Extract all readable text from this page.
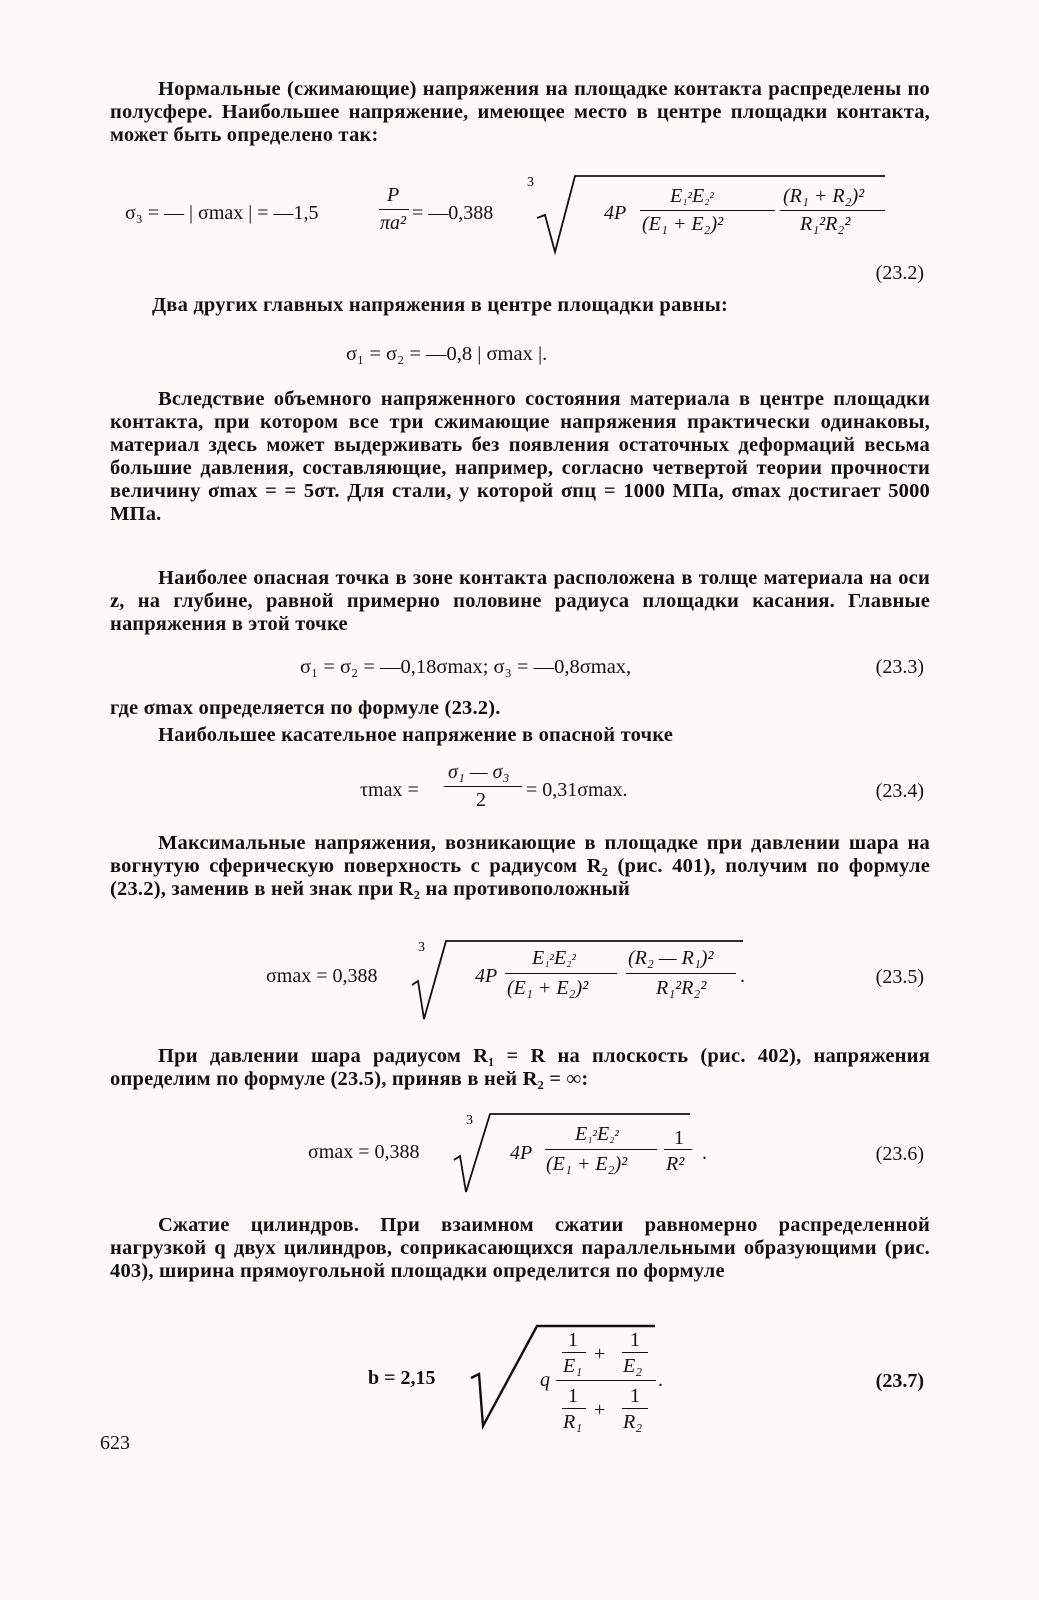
Нормальные (сжимающие) напряжения на площадке контакта распределены по полусфере. Наибольшее напряжение, имеющее место в центре площадки контакта, может быть определено так:
σ₃ = — | σmax | = —1,5
P
πa² = —0,388
3
4P
E₁²E₂²
(E₁ + E₂)²
(R₁ + R₂)²
R₁²R₂²
(23.2)
Два других главных напряжения в центре площадки равны:
σ₁ = σ₂ = —0,8 | σmax |.
Вследствие объемного напряженного состояния материала в центре площадки контакта, при котором все три сжимающие напряжения практически одинаковы, материал здесь может выдерживать без появления остаточных деформаций весьма большие давления, составляющие, например, согласно четвертой теории прочности величину σmax = = 5σт. Для стали, у которой σпц = 1000 МПа, σmax достигает 5000 МПа.
Наиболее опасная точка в зоне контакта расположена в толще материала на оси z, на глубине, равной примерно половине радиуса площадки касания. Главные напряжения в этой точке
σ₁ = σ₂ = —0,18σmax; σ₃ = —0,8σmax,	(23.3)
где σmax определяется по формуле (23.2).
Наибольшее касательное напряжение в опасной точке
τmax =
σ₁ — σ₃
2 = 0,31σmax.	(23.4)
Максимальные напряжения, возникающие в площадке при давлении шара на вогнутую сферическую поверхность с радиусом R₂ (рис. 401), получим по формуле (23.2), заменив в ней знак при R₂ на противоположный
σmax = 0,388
3
4P
E₁²E₂²
(E₁ + E₂)²
(R₂ — R₁)²
R₁²R₂²
.	(23.5)
При давлении шара радиусом R₁ = R на плоскость (рис. 402), напряжения определим по формуле (23.5), приняв в ней R₂ = ∞:
σmax = 0,388
3
4P
E₁²E₂²
(E₁ + E₂)²
1
R² .	(23.6)
Сжатие цилиндров. При взаимном сжатии равномерно распределенной нагрузкой q двух цилиндров, соприкасающихся параллельными образующими (рис. 403), ширина прямоугольной площадки определится по формуле
b = 2,15	q
1
E₁
+
1
E₂
1
R₁
+
1
R₂
.	(23.7)
623
